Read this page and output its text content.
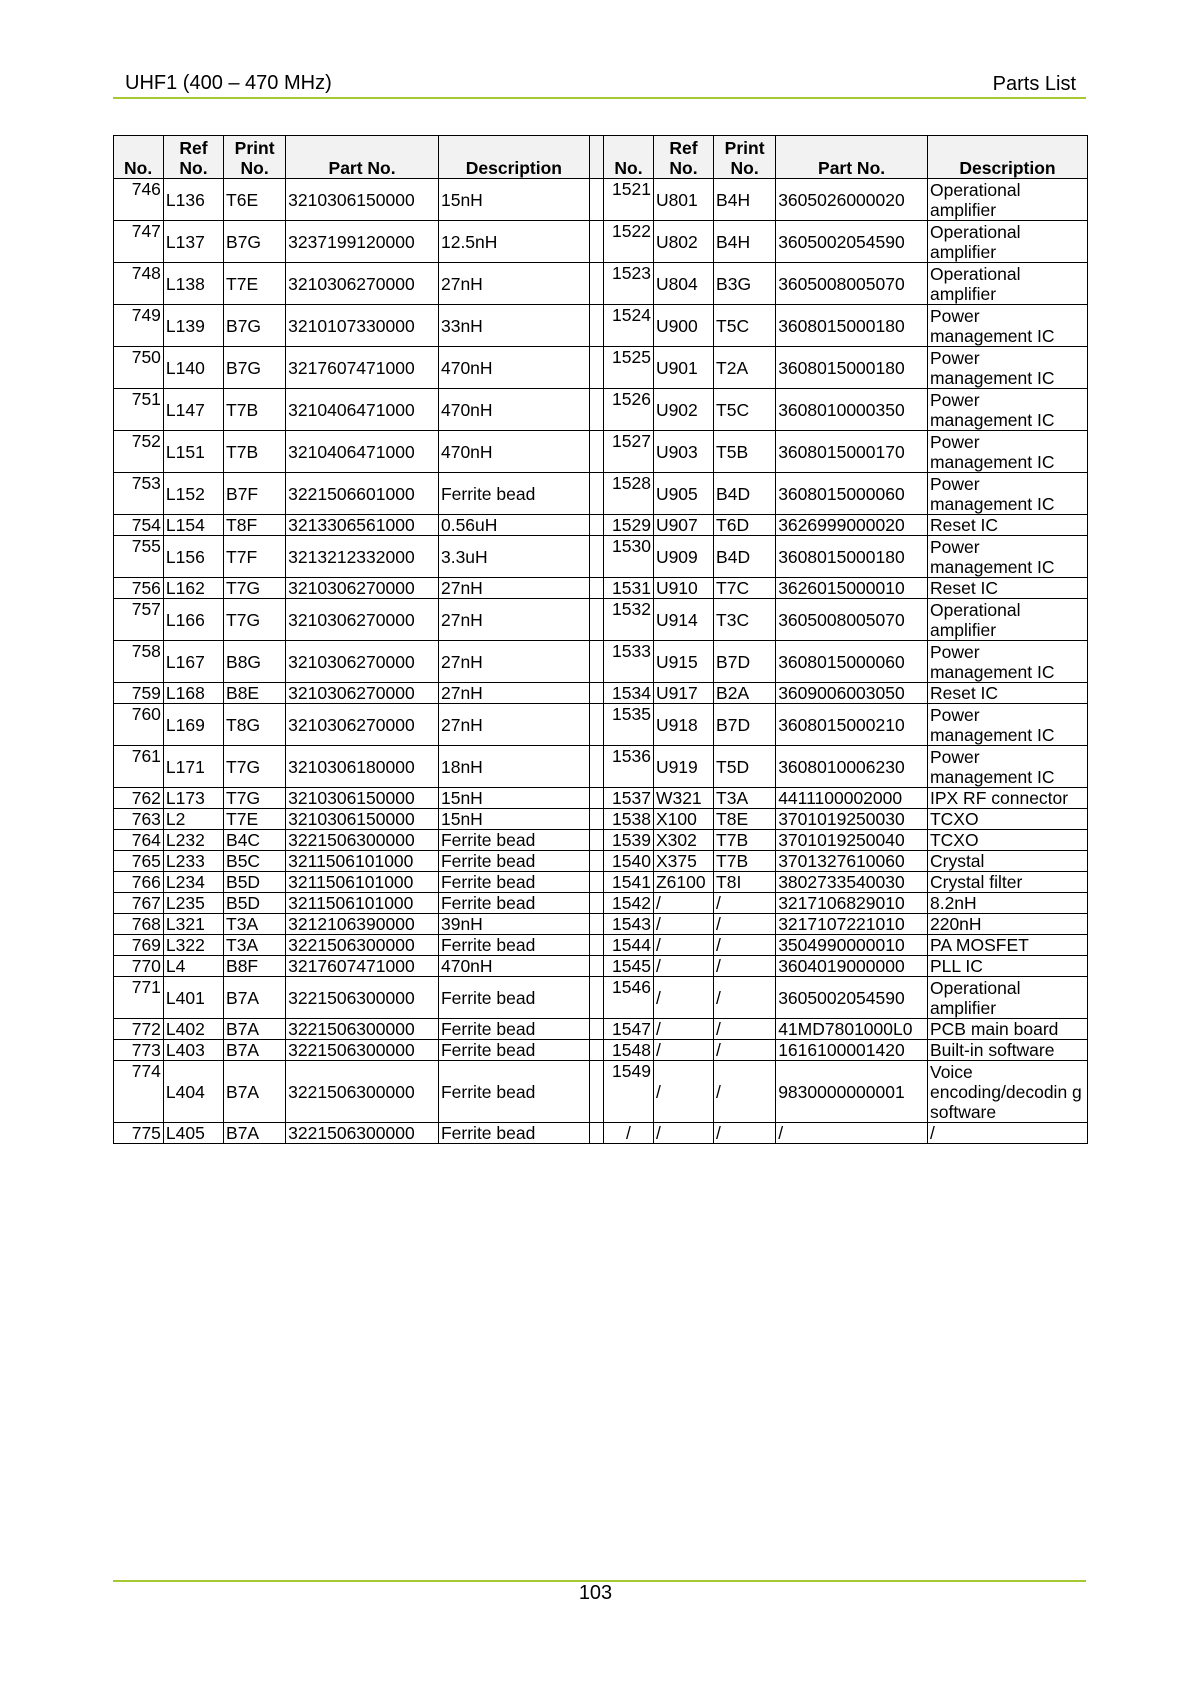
UHF1 (400 – 470 MHz)	Parts List
No.	Ref No.	Print No.	Part No.	Description		No.	Ref No.	Print No.	Part No.	Description
746	L136	T6E	3210306150000	15nH		1521	U801	B4H	3605026000020	Operational amplifier
747	L137	B7G	3237199120000	12.5nH		1522	U802	B4H	3605002054590	Operational amplifier
748	L138	T7E	3210306270000	27nH		1523	U804	B3G	3605008005070	Operational amplifier
749	L139	B7G	3210107330000	33nH		1524	U900	T5C	3608015000180	Power management IC
750	L140	B7G	3217607471000	470nH		1525	U901	T2A	3608015000180	Power management IC
751	L147	T7B	3210406471000	470nH		1526	U902	T5C	3608010000350	Power management IC
752	L151	T7B	3210406471000	470nH		1527	U903	T5B	3608015000170	Power management IC
753	L152	B7F	3221506601000	Ferrite bead		1528	U905	B4D	3608015000060	Power management IC
754	L154	T8F	3213306561000	0.56uH		1529	U907	T6D	3626999000020	Reset IC
755	L156	T7F	3213212332000	3.3uH		1530	U909	B4D	3608015000180	Power management IC
756	L162	T7G	3210306270000	27nH		1531	U910	T7C	3626015000010	Reset IC
757	L166	T7G	3210306270000	27nH		1532	U914	T3C	3605008005070	Operational amplifier
758	L167	B8G	3210306270000	27nH		1533	U915	B7D	3608015000060	Power management IC
759	L168	B8E	3210306270000	27nH		1534	U917	B2A	3609006003050	Reset IC
760	L169	T8G	3210306270000	27nH		1535	U918	B7D	3608015000210	Power management IC
761	L171	T7G	3210306180000	18nH		1536	U919	T5D	3608010006230	Power management IC
762	L173	T7G	3210306150000	15nH		1537	W321	T3A	4411100002000	IPX RF connector
763	L2	T7E	3210306150000	15nH		1538	X100	T8E	3701019250030	TCXO
764	L232	B4C	3221506300000	Ferrite bead		1539	X302	T7B	3701019250040	TCXO
765	L233	B5C	3211506101000	Ferrite bead		1540	X375	T7B	3701327610060	Crystal
766	L234	B5D	3211506101000	Ferrite bead		1541	Z6100	T8I	3802733540030	Crystal filter
767	L235	B5D	3211506101000	Ferrite bead		1542	/	/	3217106829010	8.2nH
768	L321	T3A	3212106390000	39nH		1543	/	/	3217107221010	220nH
769	L322	T3A	3221506300000	Ferrite bead		1544	/	/	3504990000010	PA MOSFET
770	L4	B8F	3217607471000	470nH		1545	/	/	3604019000000	PLL IC
771	L401	B7A	3221506300000	Ferrite bead		1546	/	/	3605002054590	Operational amplifier
772	L402	B7A	3221506300000	Ferrite bead		1547	/	/	41MD7801000L0	PCB main board
773	L403	B7A	3221506300000	Ferrite bead		1548	/	/	1616100001420	Built-in software
774	L404	B7A	3221506300000	Ferrite bead		1549	/	/	9830000000001	Voice encoding/decodin g software
775	L405	B7A	3221506300000	Ferrite bead		/	/	/	/	/
103
